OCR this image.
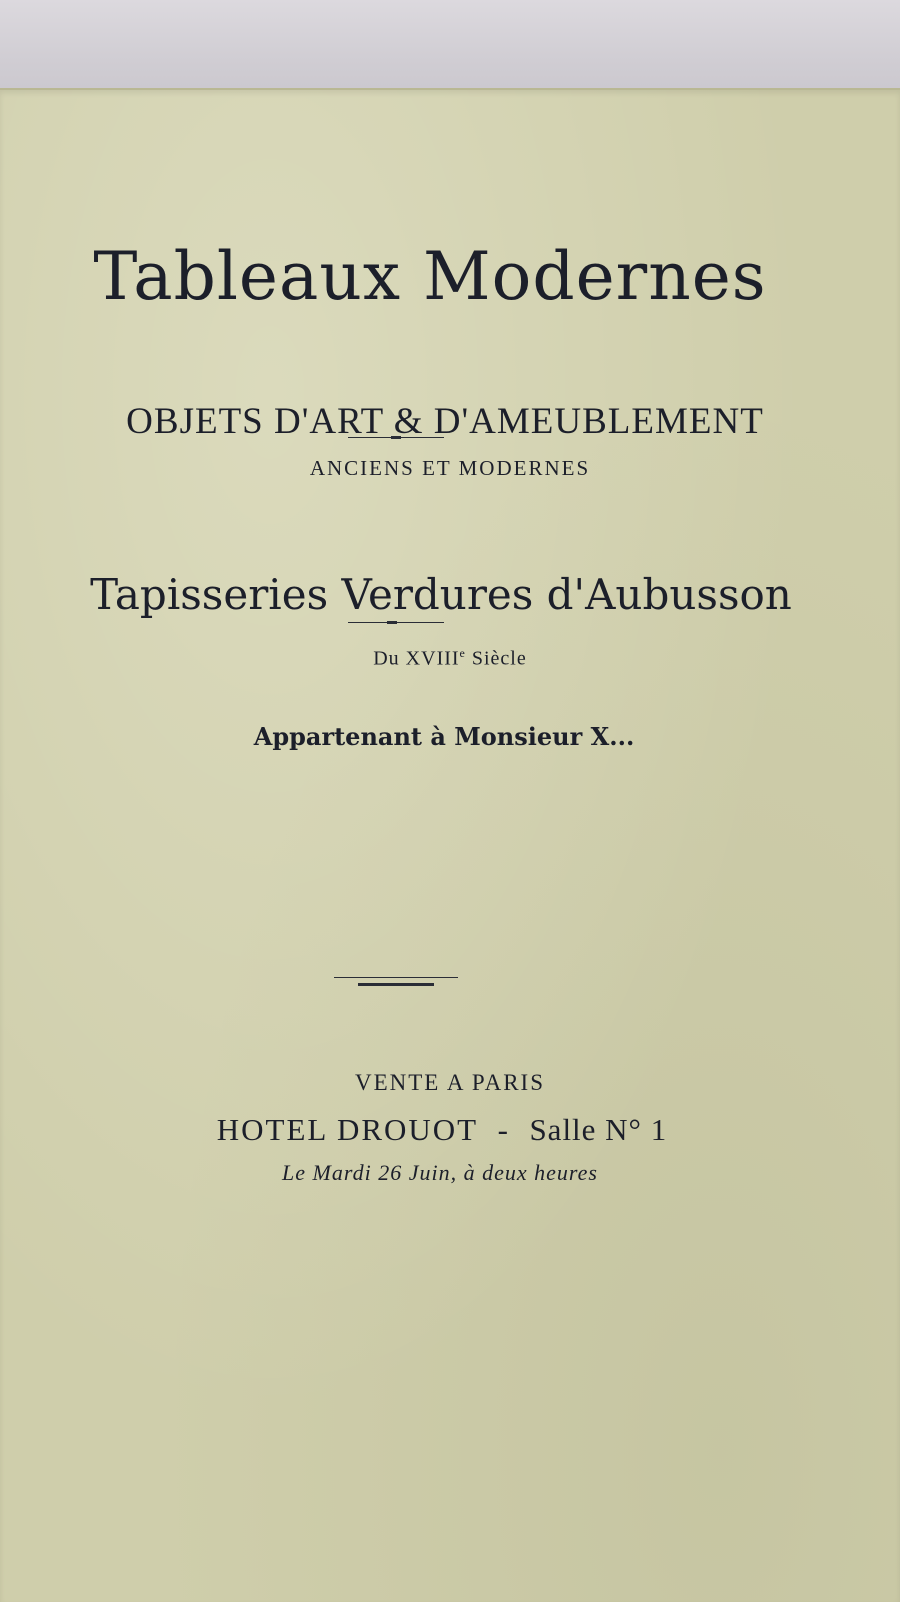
Tableaux Modernes
OBJETS D'ART & D'AMEUBLEMENT
ANCIENS ET MODERNES
Tapisseries Verdures d'Aubusson
Du XVIIIe Siècle
Appartenant à Monsieur X...
VENTE A PARIS
HOTEL DROUOT - Salle N° 1
Le Mardi 26 Juin, à deux heures
